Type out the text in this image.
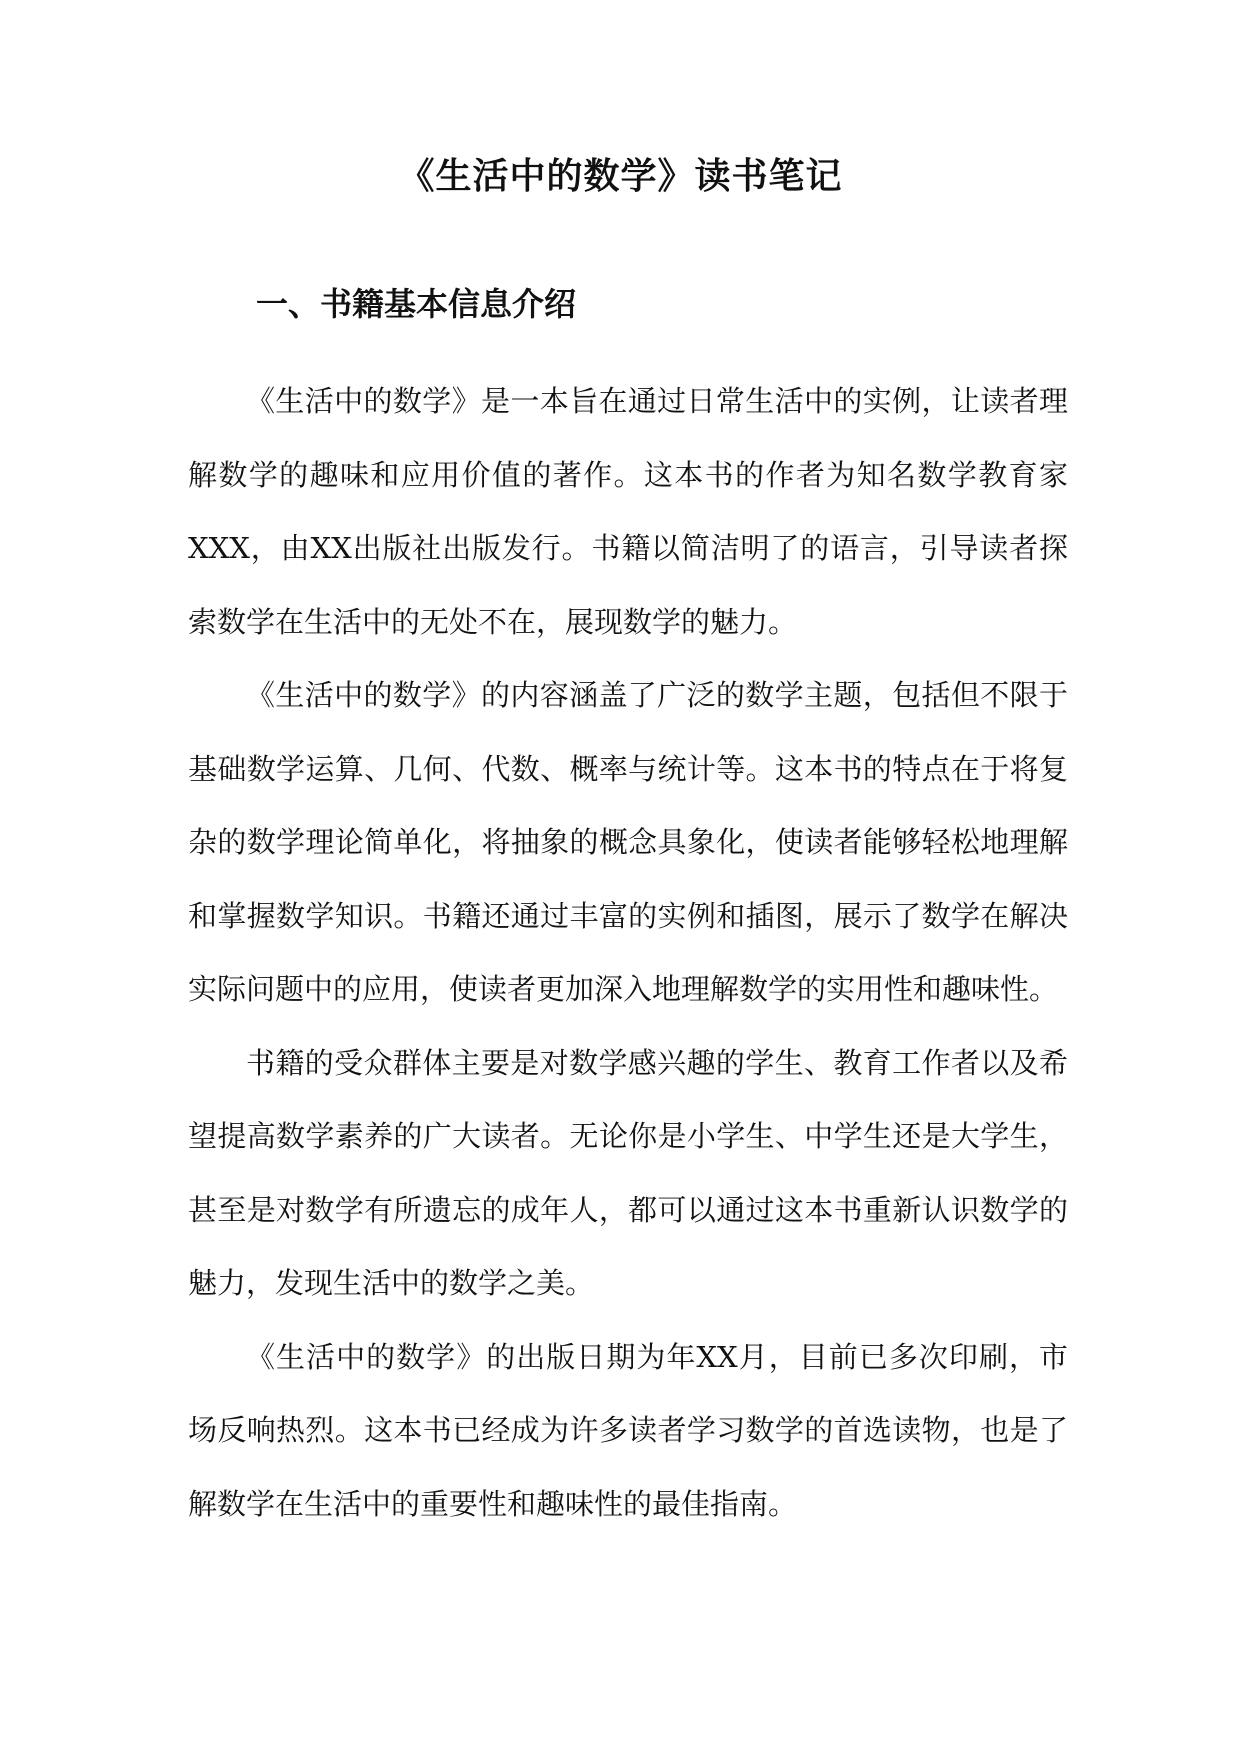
《生活中的数学》读书笔记
一、书籍基本信息介绍

《生活中的数学》是一本旨在通过日常生活中的实例，让读者理解数学的趣味和应用价值的著作。这本书的作者为知名数学教育家XXX，由XX出版社出版发行。书籍以简洁明了的语言，引导读者探索数学在生活中的无处不在，展现数学的魅力。

《生活中的数学》的内容涵盖了广泛的数学主题，包括但不限于基础数学运算、几何、代数、概率与统计等。这本书的特点在于将复杂的数学理论简单化，将抽象的概念具象化，使读者能够轻松地理解和掌握数学知识。书籍还通过丰富的实例和插图，展示了数学在解决实际问题中的应用，使读者更加深入地理解数学的实用性和趣味性。

书籍的受众群体主要是对数学感兴趣的学生、教育工作者以及希望提高数学素养的广大读者。无论你是小学生、中学生还是大学生，甚至是对数学有所遗忘的成年人，都可以通过这本书重新认识数学的魅力，发现生活中的数学之美。

《生活中的数学》的出版日期为年XX月，目前已多次印刷，市场反响热烈。这本书已经成为许多读者学习数学的首选读物，也是了解数学在生活中的重要性和趣味性的最佳指南。
